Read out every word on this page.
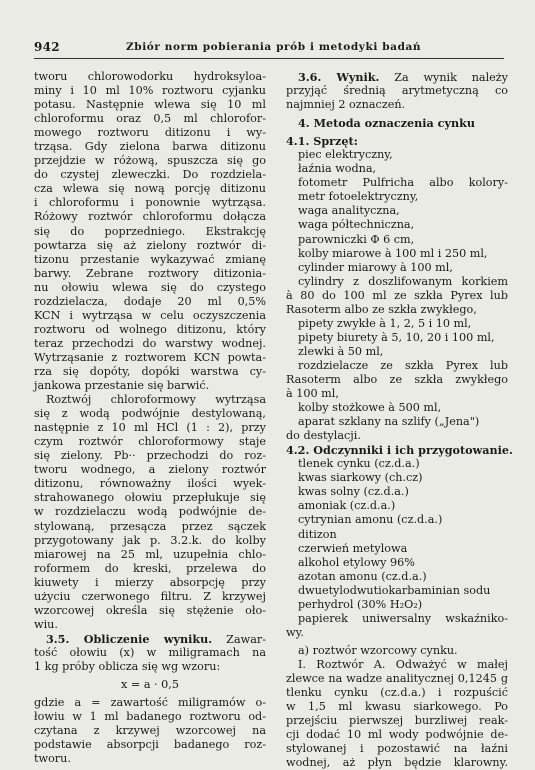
942	Zbiór norm pobierania prób i metodyki badań
tworu chlorowodorku hydroksyloa-
miny i 10 ml 10% roztworu cyjanku
potasu. Następnie wlewa się 10 ml
chloroformu oraz 0,5 ml chlorofor-
mowego roztworu ditizonu i wy-
trząsa. Gdy zielona barwa ditizonu
przejdzie w różową, spuszcza się go
do czystej zleweczki. Do rozdziela-
cza wlewa się nową porcję ditizonu
i chloroformu i ponownie wytrząsa.
Różowy roztwór chloroformu dołącza
się do poprzedniego. Ekstrakcję
powtarza się aż zielony roztwór di-
tizonu przestanie wykazywać zmianę
barwy. Zebrane roztwory ditizonia-
nu ołowiu wlewa się do czystego
rozdzielacza, dodaje 20 ml 0,5%
KCN i wytrząsa w celu oczyszczenia
roztworu od wolnego ditizonu, który
teraz przechodzi do warstwy wodnej.
Wytrząsanie z roztworem KCN powta-
rza się dopóty, dopóki warstwa cy-
jankowa przestanie się barwić.
Roztwój chloroformowy wytrząsa
się z wodą podwójnie destylowaną,
następnie z 10 ml HCl (1 : 2), przy
czym roztwór chloroformowy staje
się zielony. Pb·· przechodzi do roz-
tworu wodnego, a zielony roztwór
ditizonu, równoważny ilości wyek-
strahowanego ołowiu przepłukuje się
w rozdzielaczu wodą podwójnie de-
stylowaną, przesącza przez sączek
przygotowany jak p. 3.2.k. do kolby
miarowej na 25 ml, uzupełnia chlo-
roformem do kreski, przelewa do
kiuwety i mierzy absorpcję przy
użyciu czerwonego filtru. Z krzywej
wzorcowej określa się stężenie oło-
wiu.
3.5. Obliczenie wyniku. Zawar-
tość ołowiu (x) w miligramach na
1 kg próby oblicza się wg wzoru:
x = a · 0,5
gdzie a = zawartość miligramów o-
łowiu w 1 ml badanego roztworu od-
czytana z krzywej wzorcowej na
podstawie absorpcji badanego roz-
tworu.
3.6. Wynik. Za wynik należy
przyjąć średnią arytmetyczną co
najmniej 2 oznaczeń.
4. Metoda oznaczenia cynku
4.1. Sprzęt:
piec elektryczny,
łaźnia wodna,
fotometr Pulfricha albo kolory-
metr fotoelektryczny,
waga analityczna,
waga półtechniczna,
parowniczki Φ 6 cm,
kolby miarowe à 100 ml i 250 ml,
cylinder miarowy à 100 ml,
cylindry z doszlifowanym korkiem
à 80 do 100 ml ze szkła Pyrex lub
Rasoterm albo ze szkła zwykłego,
pipety zwykłe à 1, 2, 5 i 10 ml,
pipety biurety à 5, 10, 20 i 100 ml,
zlewki à 50 ml,
rozdzielacze ze szkła Pyrex lub
Rasoterm albo ze szkła zwykłego
à 100 ml,
kolby stożkowe à 500 ml,
aparat szklany na szlify („Jena")
do destylacji.
4.2. Odczynniki i ich przygotowanie.
tlenek cynku (cz.d.a.)
kwas siarkowy (ch.cz)
kwas solny (cz.d.a.)
amoniak (cz.d.a.)
cytrynian amonu (cz.d.a.)
ditizon
czerwień metylowa
alkohol etylowy 96%
azotan amonu (cz.d.a.)
dwuetylodwutiokarbaminian sodu
perhydrol (30% H₂O₂)
papierek uniwersalny wskaźniko-
wy.
a) roztwór wzorcowy cynku.
I. Roztwór A. Odważyć w małej
zlewce na wadze analitycznej 0,1245 g
tlenku cynku (cz.d.a.) i rozpuścić
w 1,5 ml kwasu siarkowego. Po
przejściu pierwszej burzliwej reak-
cji dodać 10 ml wody podwójnie de-
stylowanej i pozostawić na łaźni
wodnej, aż płyn będzie klarowny.
